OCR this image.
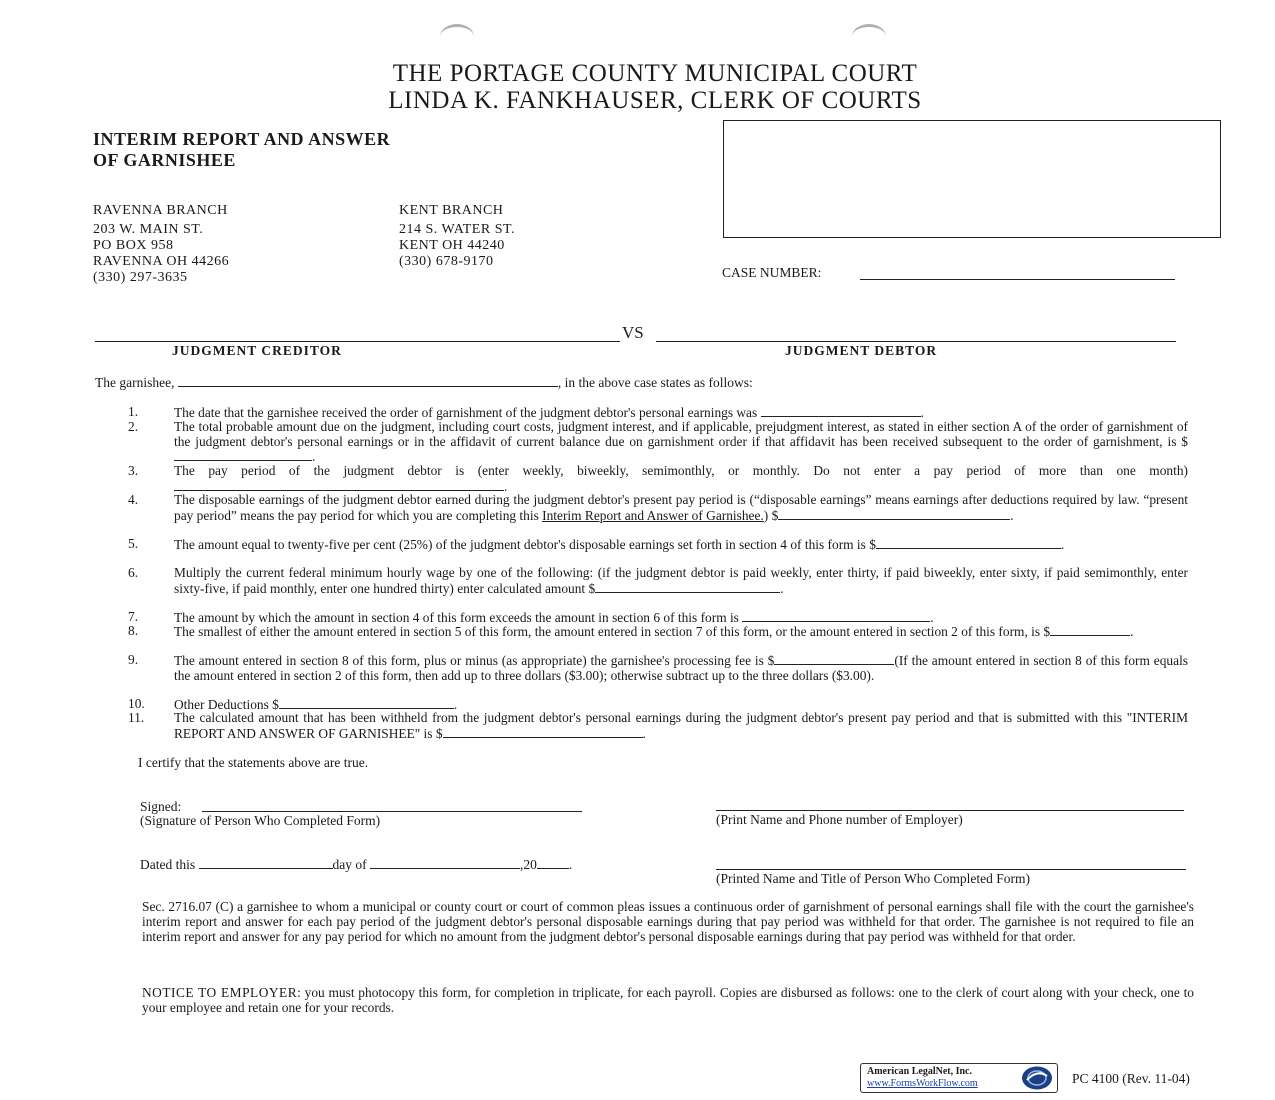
THE PORTAGE COUNTY MUNICIPAL COURT
LINDA K. FANKHAUSER, CLERK OF COURTS
INTERIM REPORT AND ANSWER
OF GARNISHEE
RAVENNA BRANCH
203 W. MAIN ST.
PO BOX 958
RAVENNA OH 44266
(330) 297-3635
KENT BRANCH
214 S. WATER ST.
KENT OH 44240
(330) 678-9170
CASE NUMBER:
VS
JUDGMENT CREDITOR	JUDGMENT DEBTOR
The garnishee,	, in the above case states as follows:
1.	The date that the garnishee received the order of garnishment of the judgment debtor's personal earnings was	.
2.	The total probable amount due on the judgment, including court costs, judgment interest, and if applicable, prejudgment interest, as stated in either section A of the order of garnishment of the judgment debtor's personal earnings or in the affidavit of current balance due on garnishment order if that affidavit has been received subsequent to the order of garnishment, is $.
3.	The pay period of the judgment debtor is (enter weekly, biweekly, semimonthly, or monthly. Do not enter a pay period of more than one month).
4.	The disposable earnings of the judgment debtor earned during the judgment debtor's present pay period is (“disposable earnings” means earnings after deductions required by law. “present pay period” means the pay period for which you are completing this Interim Report and Answer of Garnishee.) $	.
5.	The amount equal to twenty-five per cent (25%) of the judgment debtor's disposable earnings set forth in section 4 of this form is $	.
6.	Multiply the current federal minimum hourly wage by one of the following: (if the judgment debtor is paid weekly, enter thirty, if paid biweekly, enter sixty, if paid semimonthly, enter sixty-five, if paid monthly, enter one hundred thirty) enter calculated amount $	.
7.	The amount by which the amount in section 4 of this form exceeds the amount in section 6 of this form is	.
8.	The smallest of either the amount entered in section 5 of this form, the amount entered in section 7 of this form, or the amount entered in section 2 of this form, is $	.
9.	The amount entered in section 8 of this form, plus or minus (as appropriate) the garnishee's processing fee is $	(If the amount entered in section 8 of this form equals the amount entered in section 2 of this form, then add up to three dollars ($3.00); otherwise subtract up to the three dollars ($3.00).
10.	Other Deductions $	.
11.	The calculated amount that has been withheld from the judgment debtor's personal earnings during the judgment debtor's present pay period and that is submitted with this "INTERIM REPORT AND ANSWER OF GARNISHEE" is $	.
I certify that the statements above are true.
Signed:
(Signature of Person Who Completed Form)	(Print Name and Phone number of Employer)
Dated this	day of	,20 .
(Printed Name and Title of Person Who Completed Form)
Sec. 2716.07 (C) a garnishee to whom a municipal or county court or court of common pleas issues a continuous order of garnishment of personal earnings shall file with the court the garnishee's interim report and answer for each pay period of the judgment debtor's personal disposable earnings during that pay period was withheld for that order. The garnishee is not required to file an interim report and answer for any pay period for which no amount from the judgment debtor's personal disposable earnings during that pay period was withheld for that order.
NOTICE TO EMPLOYER: you must photocopy this form, for completion in triplicate, for each payroll. Copies are disbursed as follows: one to the clerk of court along with your check, one to your employee and retain one for your records.
American LegalNet, Inc.
www.FormsWorkFlow.com	PC 4100 (Rev. 11-04)
